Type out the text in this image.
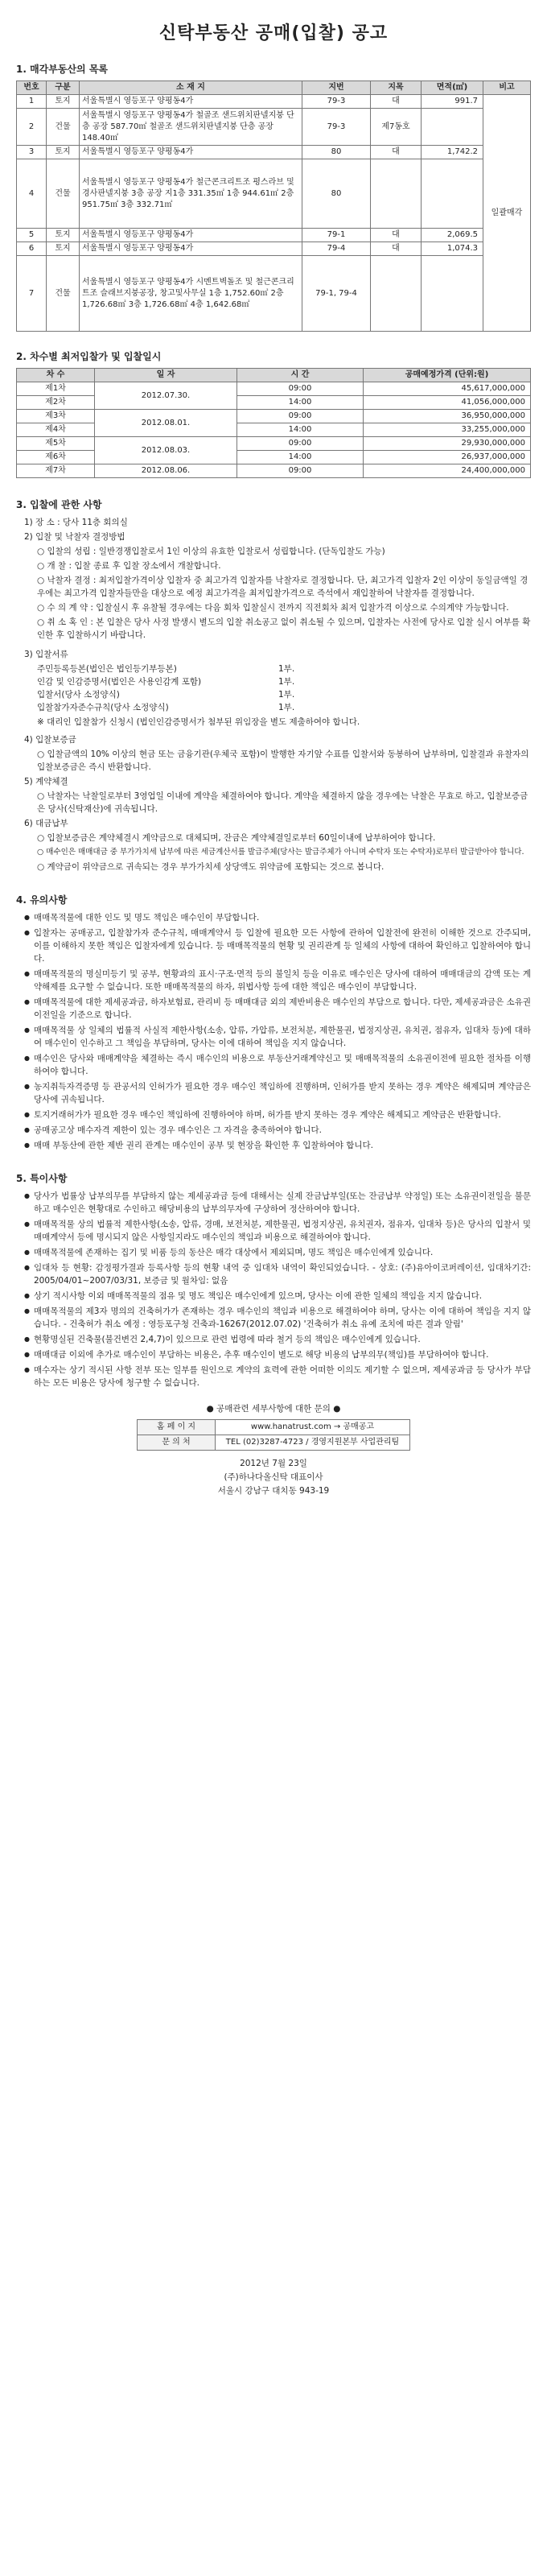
신탁부동산 공매(입찰) 공고
1. 매각부동산의 목록
번호	구분	소 재 지	지번	지목	면적(㎡)	비고
1	토지	서울특별시 영등포구 양평동4가	79-3	대	991.7	일괄매각
2	건물	서울특별시 영등포구 양평동4가 철골조 샌드위치판넬지붕 단층 공장 587.70㎡ 철골조 샌드위치판넬지붕 단층 공장 148.40㎡	79-3	제7동호		
3	토지	서울특별시 영등포구 양평동4가	80	대	1,742.2	
4	건물	서울특별시 영등포구 양평동4가 철근콘크리트조 평스라브 및 경사판넬지붕 3층 공장 지1층 331.35㎡ 1층 944.61㎡ 2층 951.75㎡ 3층 332.71㎡	80			
5	토지	서울특별시 영등포구 양평동4가	79-1	대	2,069.5	
6	토지	서울특별시 영등포구 양평동4가	79-4	대	1,074.3	
7	건물	서울특별시 영등포구 양평동4가 시멘트벽돌조 및 철근콘크리트조 슬래브지붕공장, 창고및사무실 1층 1,752.60㎡ 2층 1,726.68㎡ 3층 1,726.68㎡ 4층 1,642.68㎡	79-1, 79-4			
2. 차수별 최저입찰가 및 입찰일시
차 수	일 자	시 간	공매예정가격 (단위:원)
제1차	2012.07.30.	09:00	45,617,000,000
제2차		14:00	41,056,000,000
제3차	2012.08.01.	09:00	36,950,000,000
제4차		14:00	33,255,000,000
제5차	2012.08.03.	09:00	29,930,000,000
제6차		14:00	26,937,000,000
제7차	2012.08.06.	09:00	24,400,000,000
3. 입찰에 관한 사항
1) 장 소 : 당사 11층 회의실
2) 입찰 및 낙찰자 결정방법
○ 입찰의 성립 : 일반경쟁입찰로서 1인 이상의 유효한 입찰로서 성립합니다. (단독입찰도 가능)
○ 개 찰 : 입찰 종료 후 입찰 장소에서 개찰합니다.
○ 낙찰자 결정 : 최저입찰가격이상 입찰자 중 최고가격 입찰자를 낙찰자로 결정합니다. 단, 최고가격 입찰자 2인 이상이 동일금액일 경우에는 최고가격 입찰자들만을 대상으로 예정 최고가격을 최저입찰가격으로 즉석에서 재입찰하여 낙찰자를 결정합니다.
○ 수 의 계 약 : 입찰실시 후 유찰될 경우에는 다음 회차 입찰실시 전까지 직전회차 최저 입찰가격 이상으로 수의계약 가능합니다.
○ 취 소 혹 인 : 본 입찰은 당사 사정 발생시 별도의 입찰 취소공고 없이 취소될 수 있으며, 입찰자는 사전에 당사로 입찰 실시 여부를 확인한 후 입찰하시기 바랍니다.
3) 입찰서류
주민등록등본(법인은 법인등기부등본)	1부.
인감 및 인감증명서(법인은 사용인감계 포함)	1부.
입찰서(당사 소정양식)	1부.
입찰참가자준수규칙(당사 소정양식)	1부.
※ 대리인 입찰참가 신청시 (법인인감증명서가 첨부된 위임장을 별도 제출하여야 합니다.
4) 입찰보증금
○ 입찰금액의 10% 이상의 현금 또는 금융기관(우체국 포함)이 발행한 자기앞 수표를 입찰서와 동봉하여 납부하며, 입찰결과 유찰자의 입찰보증금은 즉시 반환합니다.
5) 계약체결
○ 낙찰자는 낙찰일로부터 3영업일 이내에 계약을 체결하여야 합니다. 계약을 체결하지 않을 경우에는 낙찰은 무효로 하고, 입찰보증금은 당사(신탁재산)에 귀속됩니다.
6) 대금납부
○ 입찰보증금은 계약체결시 계약금으로 대체되며, 잔금은 계약체결일로부터 60일이내에 납부하여야 합니다.
○ 매수인은 매매대금 중 부가가치세 납부에 따른 세금계산서를 발급주체(당사는 발급주체가 아니며 수탁자 또는 수탁자)로부터 발급받아야 합니다.
○ 계약금이 위약금으로 귀속되는 경우 부가가치세 상당액도 위약금에 포함되는 것으로 봅니다.
4. 유의사항
● 매매목적물에 대한 인도 및 명도 책임은 매수인이 부담합니다.
● 입찰자는 공매공고, 입찰참가자 준수규칙, 매매계약서 등 입찰에 필요한 모든 사항에 관하여 입찰전에 완전히 이해한 것으로 간주되며, 이를 이해하지 못한 책임은 입찰자에게 있습니다. 등 매매목적물의 현황 및 권리관계 등 일체의 사항에 대하여 확인하고 입찰하여야 합니다.
● 매매목적물의 명실미등기 및 공부, 현황과의 표시·구조·면적 등의 불일치 등을 이유로 매수인은 당사에 대하여 매매대금의 감액 또는 계약해제를 요구할 수 없습니다. 또한 매매목적물의 하자, 위법사항 등에 대한 책임은 매수인이 부담합니다.
● 매매목적물에 대한 제세공과금, 하자보험료, 관리비 등 매매대금 외의 제반비용은 매수인의 부담으로 합니다. 다만, 제세공과금은 소유권이전일을 기준으로 합니다.
● 매매목적물 상 일체의 법률적 사실적 제한사항(소송, 압류, 가압류, 보전처분, 제한물권, 법정지상권, 유치권, 점유자, 임대차 등)에 대하여 매수인이 인수하고 그 책임을 부담하며, 당사는 이에 대하여 책임을 지지 않습니다.
● 매수인은 당사와 매매계약을 체결하는 즉시 매수인의 비용으로 부동산거래계약신고 및 매매목적물의 소유권이전에 필요한 절차를 이행하여야 합니다.
● 농지취득자격증명 등 관공서의 인허가가 필요한 경우 매수인 책임하에 진행하며, 인허가를 받지 못하는 경우 계약은 해제되며 계약금은 당사에 귀속됩니다.
● 토지거래허가가 필요한 경우 매수인 책임하에 진행하여야 하며, 허가를 받지 못하는 경우 계약은 해제되고 계약금은 반환합니다.
● 공매공고상 매수자격 제한이 있는 경우 매수인은 그 자격을 충족하여야 합니다.
● 매매 부동산에 관한 제반 권리 관계는 매수인이 공부 및 현장을 확인한 후 입찰하여야 합니다.
5. 특이사항
● 당사가 법률상 납부의무를 부담하지 않는 제세공과금 등에 대해서는 실제 잔금납부일(또는 잔금납부 약정일) 또는 소유권이전일을 불문하고 매수인은 현황대로 수인하고 해당비용의 납부의무자에 구상하여 정산하여야 합니다.
● 매매목적물 상의 법률적 제한사항(소송, 압류, 경매, 보전처분, 제한물권, 법정지상권, 유치권자, 점유자, 임대차 등)은 당사의 입찰서 및 매매계약서 등에 명시되지 않은 사항일지라도 매수인의 책임과 비용으로 해결하여야 합니다.
● 매매목적물에 존재하는 집기 및 비품 등의 동산은 매각 대상에서 제외되며, 명도 책임은 매수인에게 있습니다.
● 임대차 등 현황: 감정평가결과 등록사항 등의 현황 내역 중 임대차 내역이 확인되었습니다. - 상호: (주)유아이코퍼레이션, 임대차기간: 2005/04/01~2007/03/31, 보증금 및 월차임: 없음
● 상기 적시사항 이외 매매목적물의 점유 및 명도 책임은 매수인에게 있으며, 당사는 이에 관한 일체의 책임을 지지 않습니다.
● 매매목적물의 제3자 명의의 건축허가가 존재하는 경우 매수인의 책임과 비용으로 해결하여야 하며, 당사는 이에 대하여 책임을 지지 않습니다. - 건축허가 취소 예정 : 영등포구청 건축과-16267(2012.07.02) '건축허가 취소 유예 조치에 따른 결과 알림'
● 현황명실된 건축물(불건변건 2,4,7)이 있으므로 관련 법령에 따라 철거 등의 책임은 매수인에게 있습니다.
● 매매대금 이외에 추가로 매수인이 부담하는 비용은, 추후 매수인이 별도로 해당 비용의 납부의무(책임)를 부담하여야 합니다.
● 매수자는 상기 적시된 사항 전부 또는 일부를 원인으로 계약의 효력에 관한 어떠한 이의도 제기할 수 없으며, 제세공과금 등 당사가 부담하는 모든 비용은 당사에 청구할 수 없습니다.
● 공매관련 세부사항에 대한 문의 ●
홈 페 이 지	www.hanatrust.com → 공매공고
문 의 처	TEL (02)3287-4723 / 경영지원본부 사업관리팀
2012년 7월 23일
(주)하나다올신탁 대표이사
서울시 강남구 대치동 943-19
